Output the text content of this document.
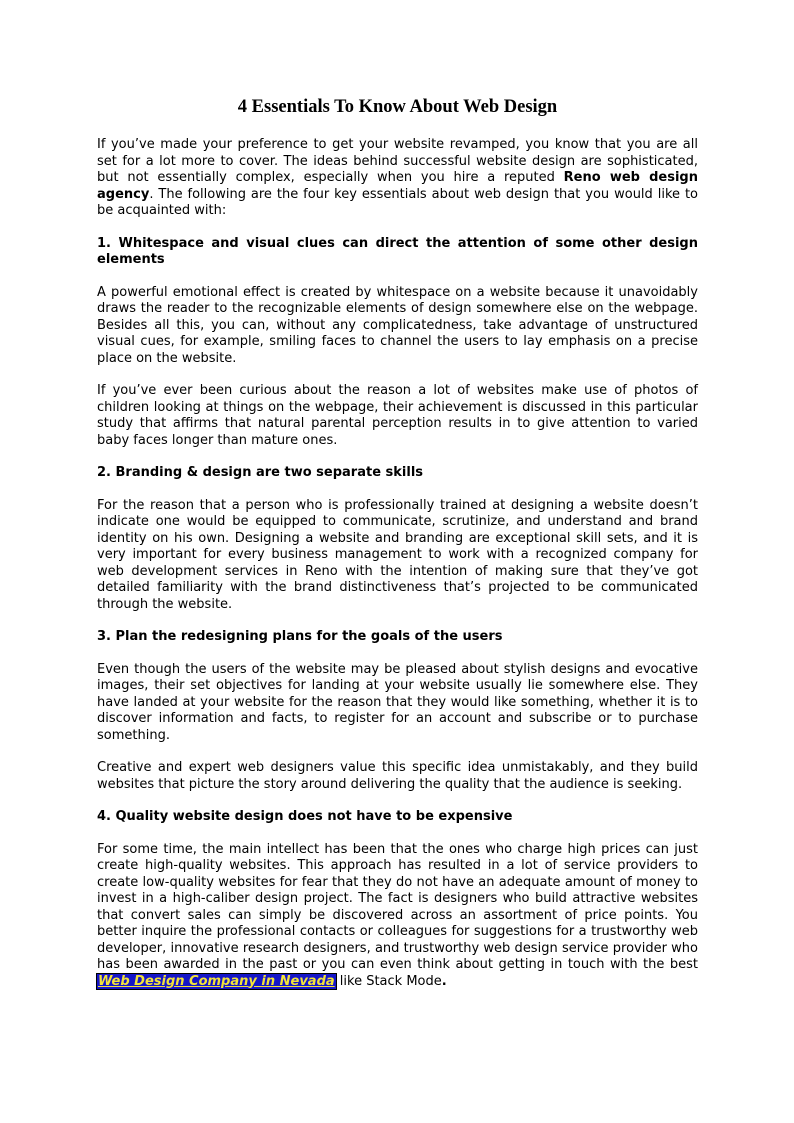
4 Essentials To Know About Web Design

If you’ve made your preference to get your website revamped, you know that you are all set for a lot more to cover. The ideas behind successful website design are sophisticated, but not essentially complex, especially when you hire a reputed Reno web design agency. The following are the four key essentials about web design that you would like to be acquainted with:

1. Whitespace and visual clues can direct the attention of some other design elements

A powerful emotional effect is created by whitespace on a website because it unavoidably draws the reader to the recognizable elements of design somewhere else on the webpage. Besides all this, you can, without any complicatedness, take advantage of unstructured visual cues, for example, smiling faces to channel the users to lay emphasis on a precise place on the website.

If you’ve ever been curious about the reason a lot of websites make use of photos of children looking at things on the webpage, their achievement is discussed in this particular study that affirms that natural parental perception results in to give attention to varied baby faces longer than mature ones.

2. Branding & design are two separate skills

For the reason that a person who is professionally trained at designing a website doesn’t indicate one would be equipped to communicate, scrutinize, and understand and brand identity on his own. Designing a website and branding are exceptional skill sets, and it is very important for every business management to work with a recognized company for web development services in Reno with the intention of making sure that they’ve got detailed familiarity with the brand distinctiveness that’s projected to be communicated through the website.

3. Plan the redesigning plans for the goals of the users

Even though the users of the website may be pleased about stylish designs and evocative images, their set objectives for landing at your website usually lie somewhere else. They have landed at your website for the reason that they would like something, whether it is to discover information and facts, to register for an account and subscribe or to purchase something.

Creative and expert web designers value this specific idea unmistakably, and they build websites that picture the story around delivering the quality that the audience is seeking.

4. Quality website design does not have to be expensive

For some time, the main intellect has been that the ones who charge high prices can just create high-quality websites. This approach has resulted in a lot of service providers to create low-quality websites for fear that they do not have an adequate amount of money to invest in a high-caliber design project. The fact is designers who build attractive websites that convert sales can simply be discovered across an assortment of price points. You better inquire the professional contacts or colleagues for suggestions for a trustworthy web developer, innovative research designers, and trustworthy web design service provider who has been awarded in the past or you can even think about getting in touch with the best Web Design Company in Nevada like Stack Mode.
